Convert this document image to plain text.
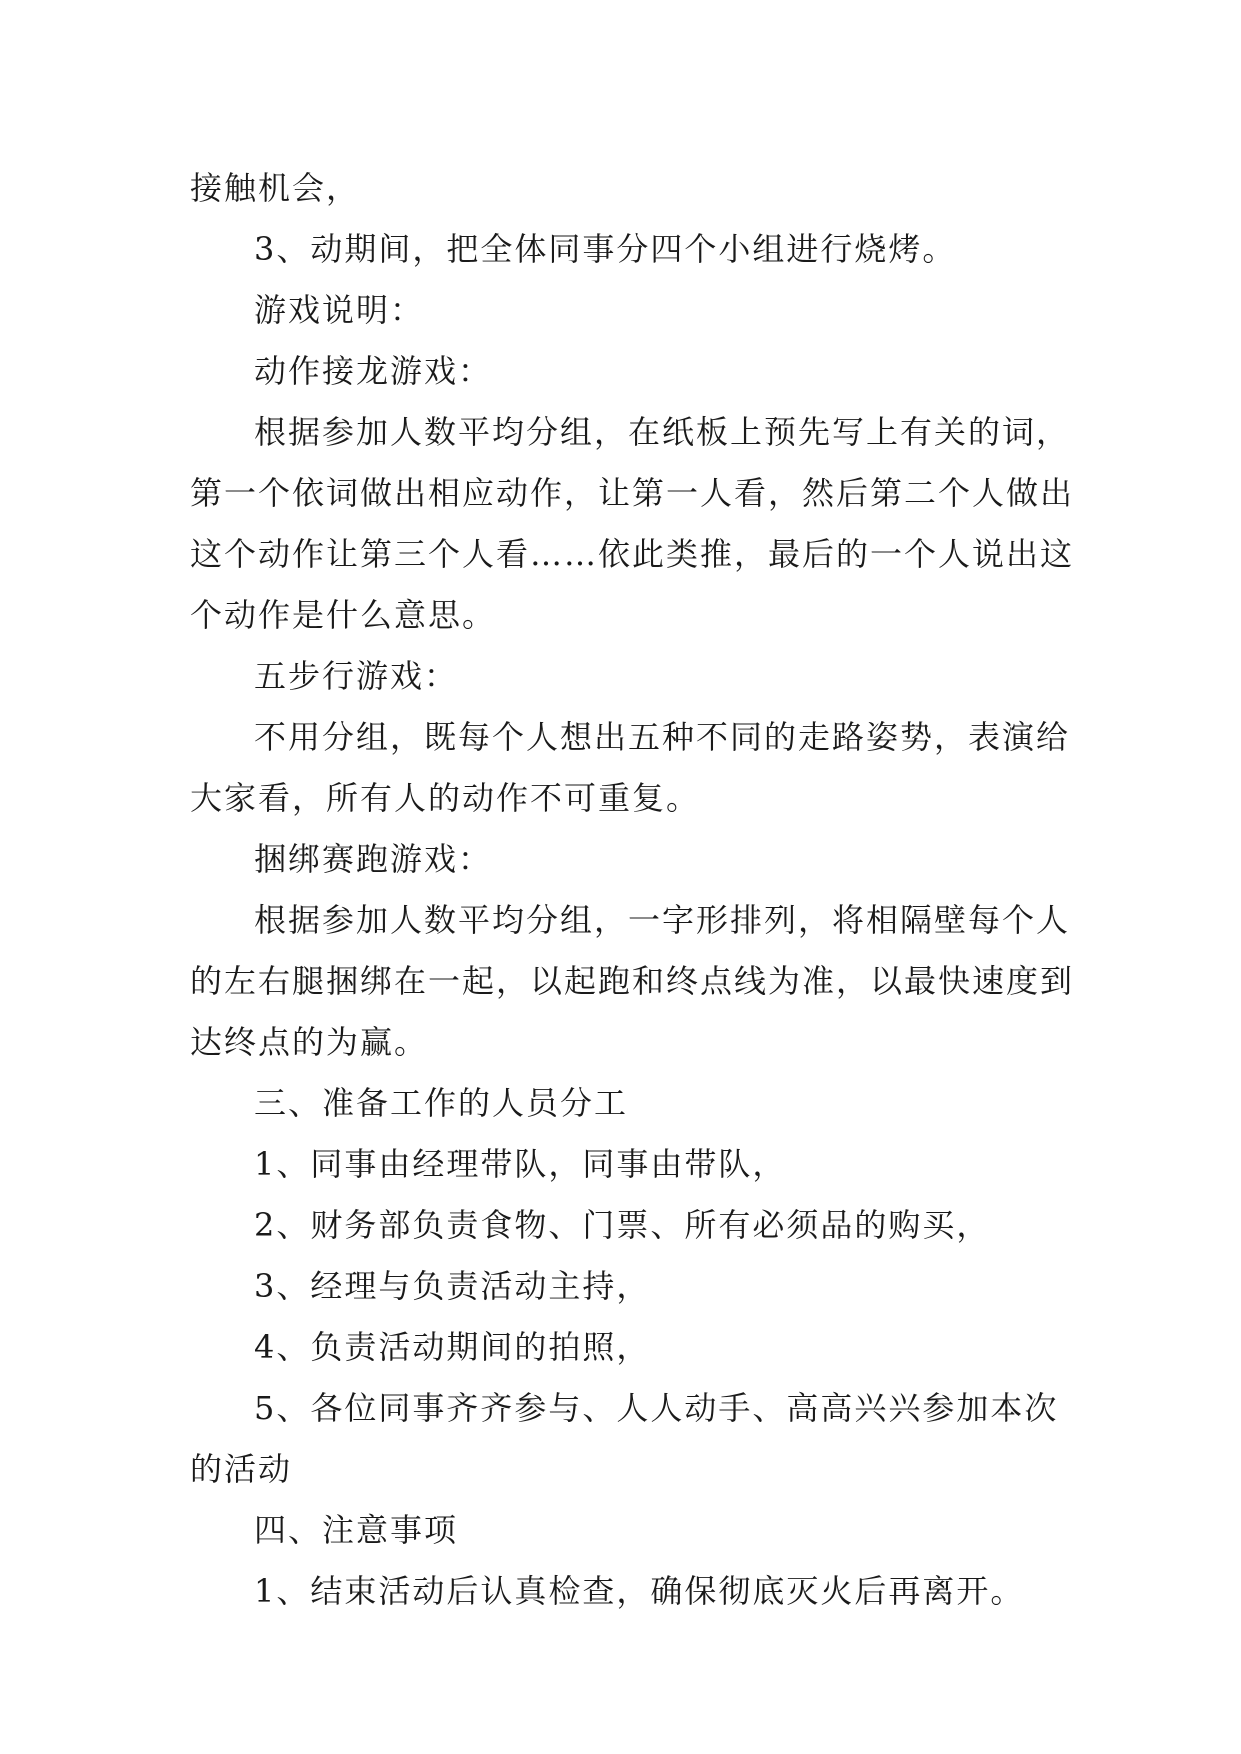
接触机会，
3、动期间，把全体同事分四个小组进行烧烤。
游戏说明：
动作接龙游戏：
根据参加人数平均分组，在纸板上预先写上有关的词，
第一个依词做出相应动作，让第一人看，然后第二个人做出
这个动作让第三个人看……依此类推，最后的一个人说出这
个动作是什么意思。
五步行游戏：
不用分组，既每个人想出五种不同的走路姿势，表演给
大家看，所有人的动作不可重复。
捆绑赛跑游戏：
根据参加人数平均分组，一字形排列，将相隔壁每个人
的左右腿捆绑在一起，以起跑和终点线为准，以最快速度到
达终点的为赢。
三、准备工作的人员分工
1、同事由经理带队，同事由带队，
2、财务部负责食物、门票、所有必须品的购买，
3、经理与负责活动主持，
4、负责活动期间的拍照，
5、各位同事齐齐参与、人人动手、高高兴兴参加本次
的活动
四、注意事项
1、结束活动后认真检查，确保彻底灭火后再离开。
